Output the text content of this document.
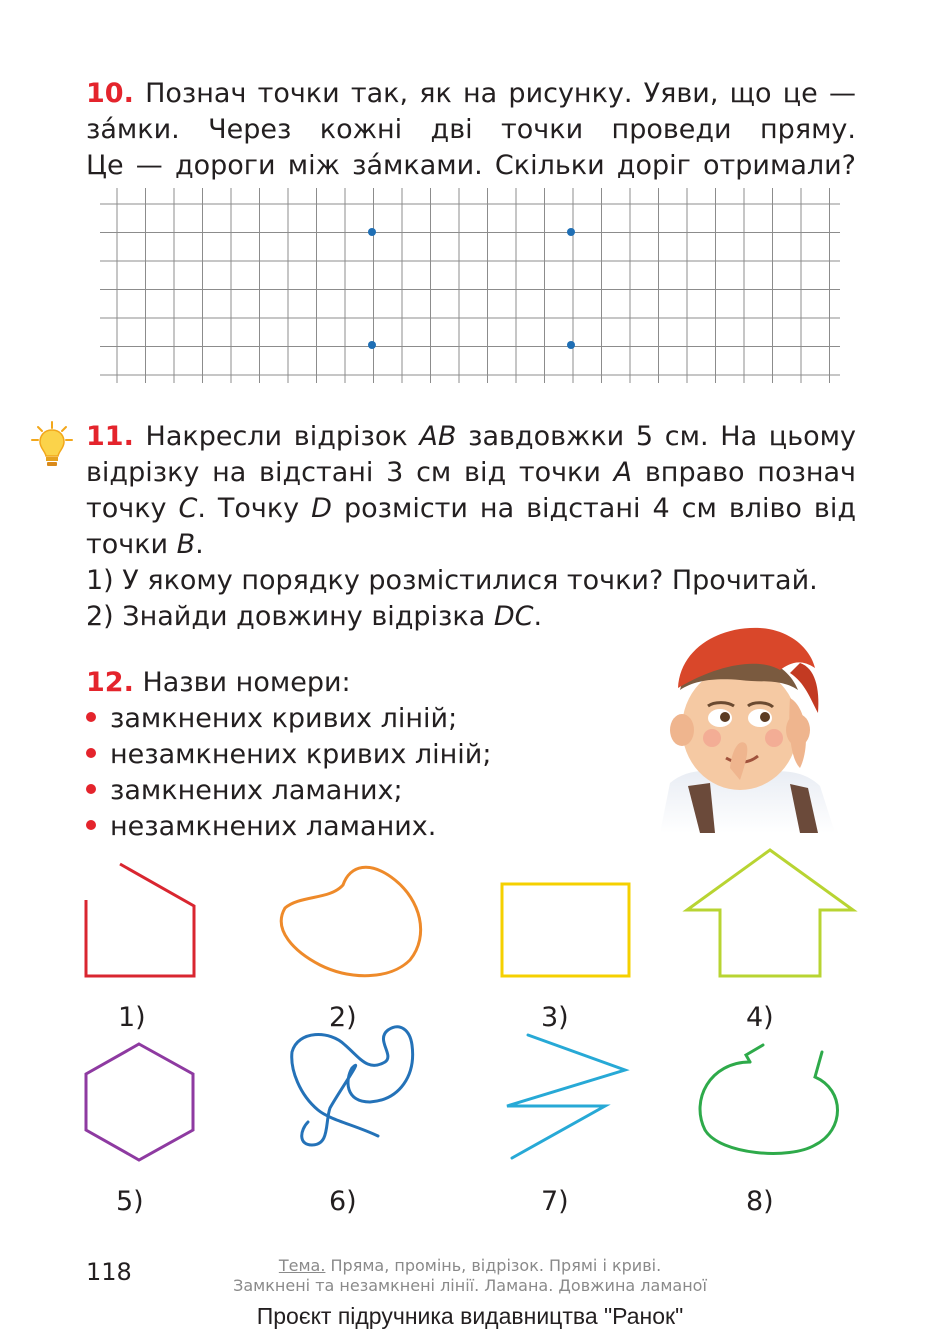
10. Познач точки так, як на рисунку. Уяви, що це —

за́мки. Через кожні дві точки проведи пряму.

Це — дороги між за́мками. Скільки доріг отримали?

11. Накресли відрізок AB завдовжки 5 см. На цьому

відрізку на відстані 3 см від точки A вправо познач

точку C. Точку D розмісти на відстані 4 см вліво від

точки B.

1) У якому порядку розмістилися точки? Прочитай.

2) Знайди довжину відрізка DC.

12. Назви номери:

замкнених кривих ліній;

незамкнених кривих ліній;

замкнених ламаних;

незамкнених ламаних.

1)	2)	3)	4)
5)	6)	7)	8)
118	Тема. Пряма, промінь, відрізок. Прямі і криві.
Замкнені та незамкнені лінії. Ламана. Довжина ламаної
Проєкт підручника видавництва "Ранок"
